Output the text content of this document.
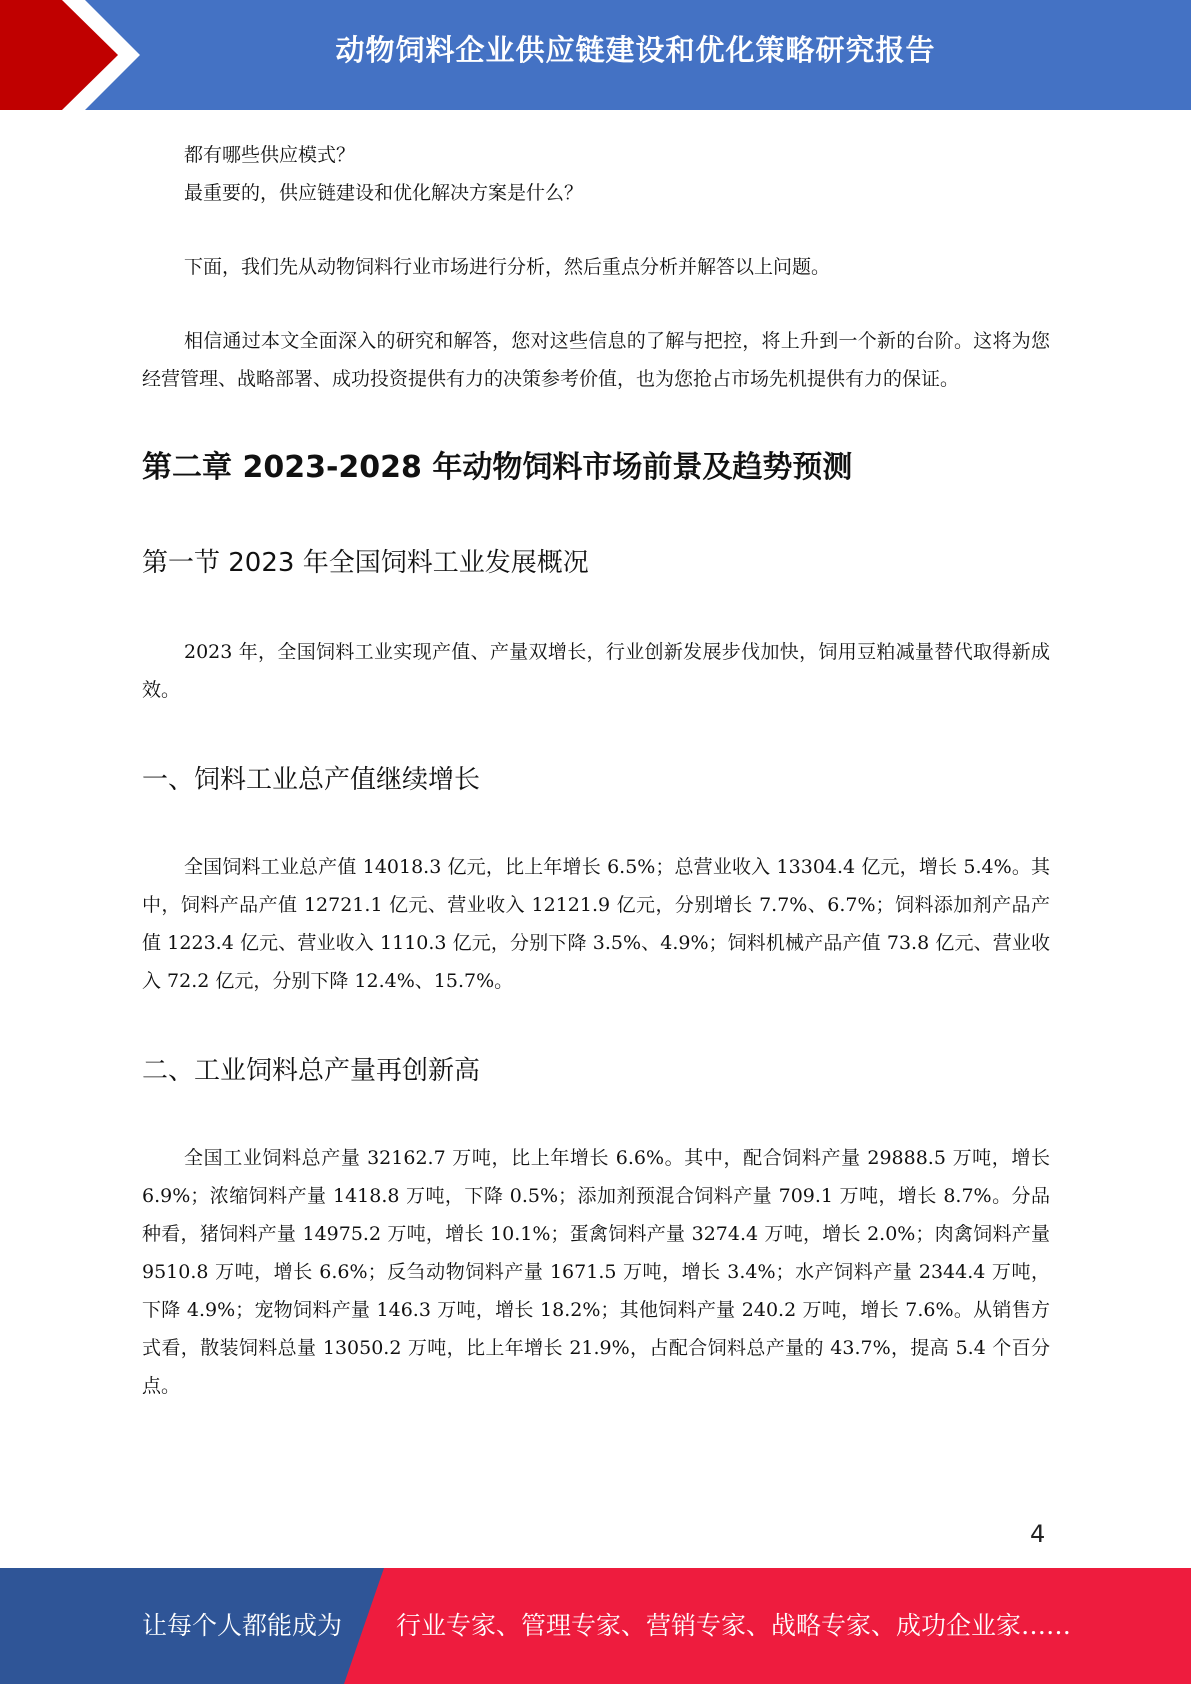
动物饲料企业供应链建设和优化策略研究报告

都有哪些供应模式？

最重要的，供应链建设和优化解决方案是什么？

下面，我们先从动物饲料行业市场进行分析，然后重点分析并解答以上问题。

相信通过本文全面深入的研究和解答，您对这些信息的了解与把控，将上升到一个新的台阶。这将为您经营管理、战略部署、成功投资提供有力的决策参考价值，也为您抢占市场先机提供有力的保证。

第二章 2023-2028 年动物饲料市场前景及趋势预测
第一节 2023 年全国饲料工业发展概况

2023 年，全国饲料工业实现产值、产量双增长，行业创新发展步伐加快，饲用豆粕减量替代取得新成效。

一、饲料工业总产值继续增长

全国饲料工业总产值 14018.3 亿元，比上年增长 6.5%；总营业收入 13304.4 亿元，增长 5.4%。其中，饲料产品产值 12721.1 亿元、营业收入 12121.9 亿元，分别增长 7.7%、6.7%；饲料添加剂产品产值 1223.4 亿元、营业收入 1110.3 亿元，分别下降 3.5%、4.9%；饲料机械产品产值 73.8 亿元、营业收入 72.2 亿元，分别下降 12.4%、15.7%。

二、工业饲料总产量再创新高

全国工业饲料总产量 32162.7 万吨，比上年增长 6.6%。其中，配合饲料产量 29888.5 万吨，增长 6.9%；浓缩饲料产量 1418.8 万吨，下降 0.5%；添加剂预混合饲料产量 709.1 万吨，增长 8.7%。分品种看，猪饲料产量 14975.2 万吨，增长 10.1%；蛋禽饲料产量 3274.4 万吨，增长 2.0%；肉禽饲料产量 9510.8 万吨，增长 6.6%；反刍动物饲料产量 1671.5 万吨，增长 3.4%；水产饲料产量 2344.4 万吨，下降 4.9%；宠物饲料产量 146.3 万吨，增长 18.2%；其他饲料产量 240.2 万吨，增长 7.6%。从销售方式看，散装饲料总量 13050.2 万吨，比上年增长 21.9%，占配合饲料总产量的 43.7%，提高 5.4 个百分点。

4
让每个人都能成为 行业专家、管理专家、营销专家、战略专家、成功企业家……
